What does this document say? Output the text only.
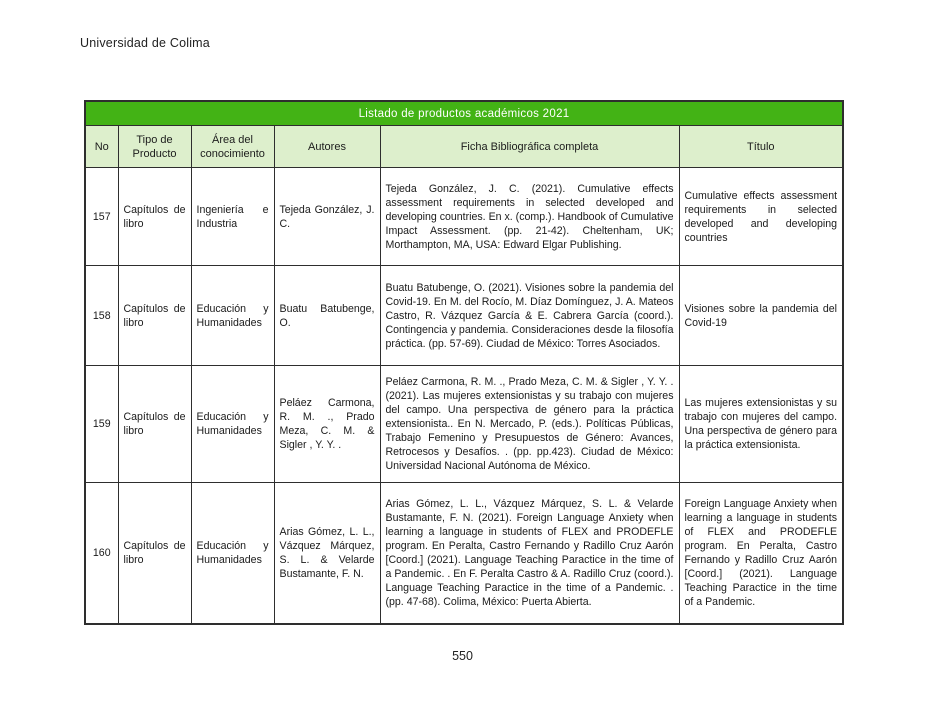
Universidad de Colima
Listado de productos académicos 2021					
No	Tipo de Producto	Área del conocimiento	Autores	Ficha Bibliográfica completa	Título
157	Capítulos de libro	Ingeniería e Industria	Tejeda González, J. C.	Tejeda González, J. C. (2021). Cumulative effects assessment requirements in selected developed and developing countries. En x. (comp.). Handbook of Cumulative Impact Assessment. (pp. 21-42). Cheltenham, UK; Morthampton, MA, USA: Edward Elgar Publishing.	Cumulative effects assessment requirements in selected developed and developing countries
158	Capítulos de libro	Educación y Humanidades	Buatu Batubenge, O.	Buatu Batubenge, O. (2021). Visiones sobre la pandemia del Covid-19. En M. del Rocío, M. Díaz Domínguez, J. A. Mateos Castro, R. Vázquez García & E. Cabrera García (coord.). Contingencia y pandemia. Consideraciones desde la filosofía práctica. (pp. 57-69). Ciudad de México: Torres Asociados.	Visiones sobre la pandemia del Covid-19
159	Capítulos de libro	Educación y Humanidades	Peláez Carmona, R. M. ., Prado Meza, C. M. & Sigler , Y. Y. .	Peláez Carmona, R. M. ., Prado Meza, C. M. & Sigler , Y. Y. . (2021). Las mujeres extensionistas y su trabajo con mujeres del campo. Una perspectiva de género para la práctica extensionista.. En N. Mercado, P. (eds.). Políticas Públicas, Trabajo Femenino y Presupuestos de Género: Avances, Retrocesos y Desafíos. . (pp. pp.423). Ciudad de México: Universidad Nacional Autónoma de México.	Las mujeres extensionistas y su trabajo con mujeres del campo. Una perspectiva de género para la práctica extensionista.
160	Capítulos de libro	Educación y Humanidades	Arias Gómez, L. L., Vázquez Márquez, S. L. & Velarde Bustamante, F. N.	Arias Gómez, L. L., Vázquez Márquez, S. L. & Velarde Bustamante, F. N. (2021). Foreign Language Anxiety when learning a language in students of FLEX and PRODEFLE program. En Peralta, Castro Fernando y Radillo Cruz Aarón [Coord.] (2021). Language Teaching Paractice in the time of a Pandemic. . En F. Peralta Castro & A. Radillo Cruz (coord.). Language Teaching Paractice in the time of a Pandemic. . (pp. 47-68). Colima, México: Puerta Abierta.	Foreign Language Anxiety when learning a language in students of FLEX and PRODEFLE program. En Peralta, Castro Fernando y Radillo Cruz Aarón [Coord.] (2021). Language Teaching Paractice in the time of a Pandemic.
550
